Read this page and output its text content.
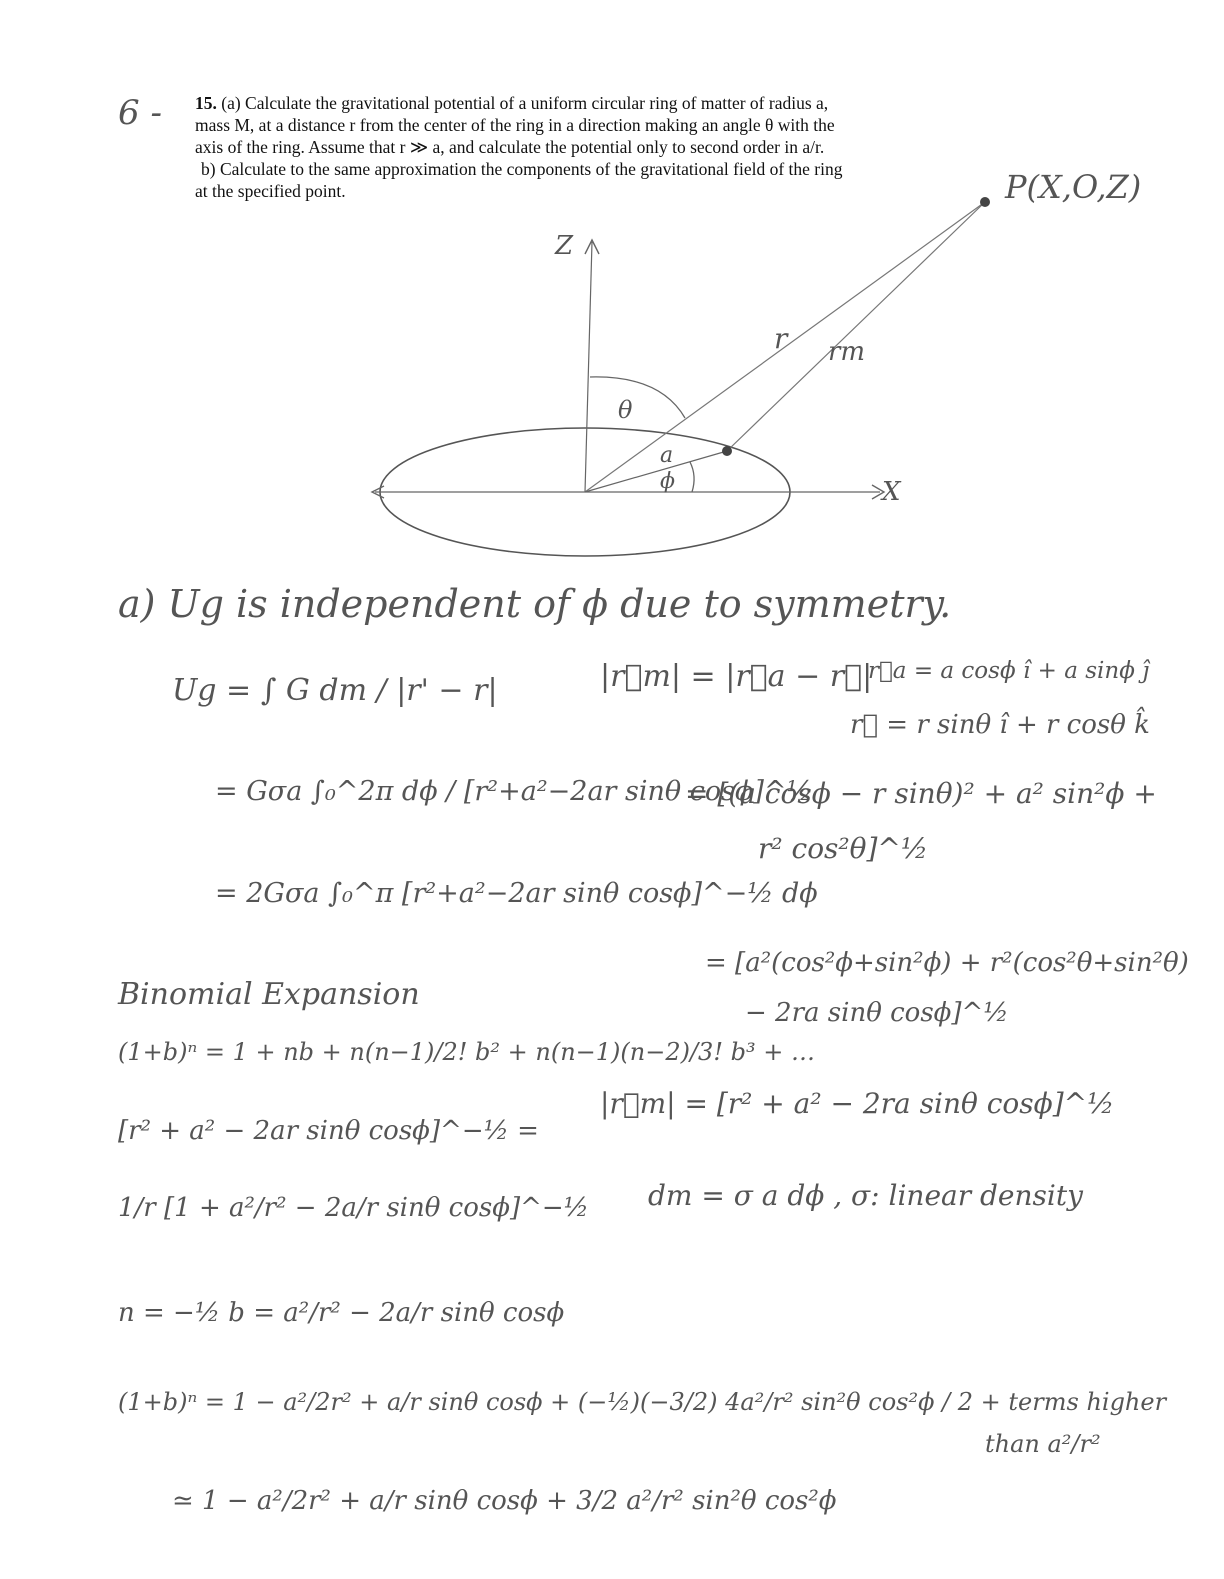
6 - 15. (a) Calculate the gravitational potential of a uniform circular ring of matter of radius a,
mass M, at a distance r from the center of the ring in a direction making an angle θ with the
axis of the ring. Assume that r ≫ a, and calculate the potential only to second order in a/r.
b) Calculate to the same approximation the components of the gravitational field of the ring
at the specified point.	P(X,O,Z)
Z
X
r rm
θ
a
ϕ
a) Ug is independent of ϕ due to symmetry.
Ug = ∫ G dm / |r' − r|
= Gσa ∫₀^2π dϕ / [r²+a²−2ar sinθ cosϕ]^½
= 2Gσa ∫₀^π [r²+a²−2ar sinθ cosϕ]^−½ dϕ
|r⃗m| = |r⃗a − r⃗|
r⃗a = a cosϕ î + a sinϕ ĵ
r⃗ = r sinθ î + r cosθ k̂
= [(a cosϕ − r sinθ)² + a² sin²ϕ +
r² cos²θ]^½
= [a²(cos²ϕ+sin²ϕ) + r²(cos²θ+sin²θ)
− 2ra sinθ cosϕ]^½
Binomial Expansion
(1+b)ⁿ = 1 + nb + n(n−1)/2! b² + n(n−1)(n−2)/3! b³ + …
|r⃗m| = [r² + a² − 2ra sinθ cosϕ]^½
[r² + a² − 2ar sinθ cosϕ]^−½ =
dm = σ a dϕ , σ: linear density
1/r [1 + a²/r² − 2a/r sinθ cosϕ]^−½
n = −½ b = a²/r² − 2a/r sinθ cosϕ
(1+b)ⁿ = 1 − a²/2r² + a/r sinθ cosϕ + (−½)(−3/2) 4a²/r² sin²θ cos²ϕ / 2 + terms higher
than a²/r²
≃ 1 − a²/2r² + a/r sinθ cosϕ + 3/2 a²/r² sin²θ cos²ϕ
